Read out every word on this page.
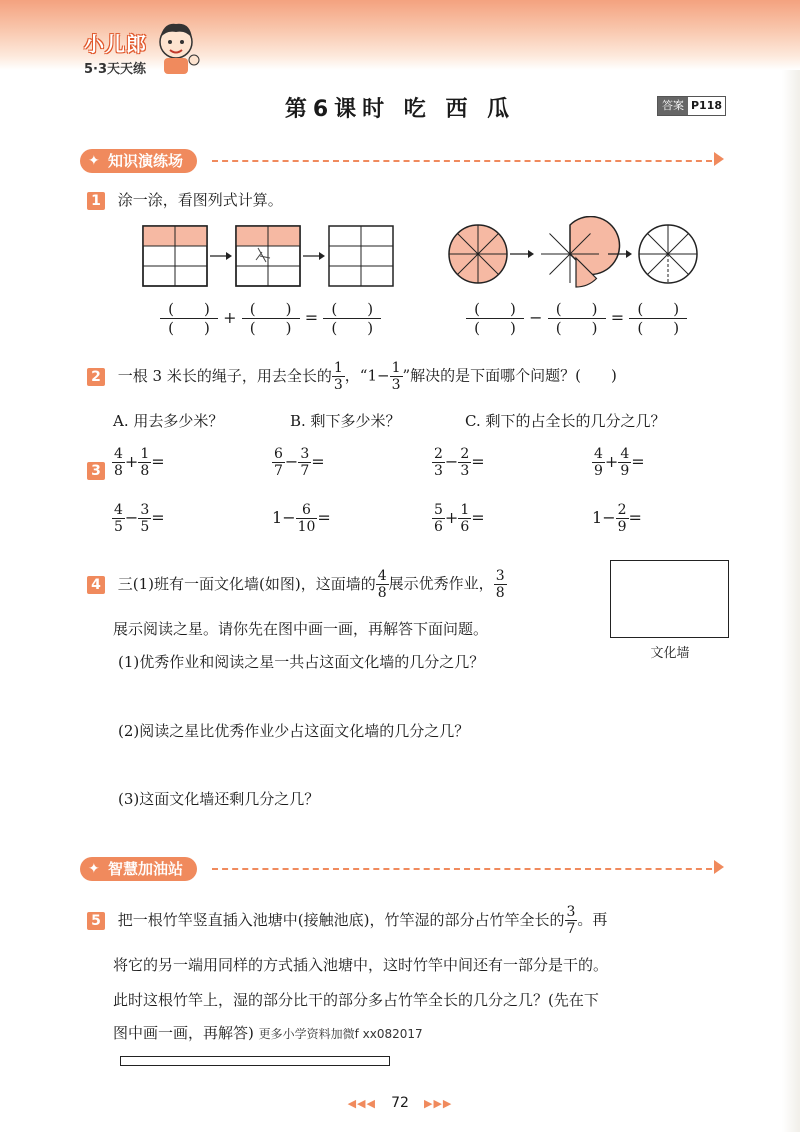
小儿郎
5·3天天练
第6课时 吃 西 瓜	答案 P118
✦ 知识演练场
1 涂一涂，看图列式计算。
$\frac{( )}{( )} + \frac{( )}{( )} = \frac{( )}{( )}$	$\frac{( )}{( )} - \frac{( )}{( )} = \frac{( )}{( )}$
2 一根 3 米长的绳子，用去全长的 $\frac{1}{3}$ ，“$1- \frac{1}{3}$ ”解决的是下面哪个问题？(　　)
A. 用去多少米？	B. 剩下多少米？	C. 剩下的占全长的几分之几？
$3 \frac{4}{8} + \frac{1}{8}$ =	$\frac{6}{7} - \frac{3}{7}$ =	$\frac{2}{3} - \frac{2}{3}$ =	$\frac{4}{9} + \frac{4}{9}$ =
$\frac{4}{5} - \frac{3}{5}$ =	$1- \frac{6}{10}$ =	$\frac{5}{6} + \frac{1}{6}$ =	$1- \frac{2}{9}$ =
4 三(1)班有一面文化墙(如图)，这面墙的 $\frac{4}{8}$ 展示优秀作业， $\frac{3}{8}$
展示阅读之星。请你先在图中画一画，再解答下面问题。
(1)优秀作业和阅读之星一共占这面文化墙的几分之几？
(2)阅读之星比优秀作业少占这面文化墙的几分之几？
(3)这面文化墙还剩几分之几？
文化墙
✦ 智慧加油站
5 把一根竹竿竖直插入池塘中(接触池底)，竹竿湿的部分占竹竿全长的 $\frac{3}{7}$ 。再
将它的另一端用同样的方式插入池塘中，这时竹竿中间还有一部分是干的。
此时这根竹竿上，湿的部分比干的部分多占竹竿全长的几分之几？(先在下
图中画一画，再解答) 更多小学资料加微f xx082017
◀◀◀ 72 ▶▶▶
